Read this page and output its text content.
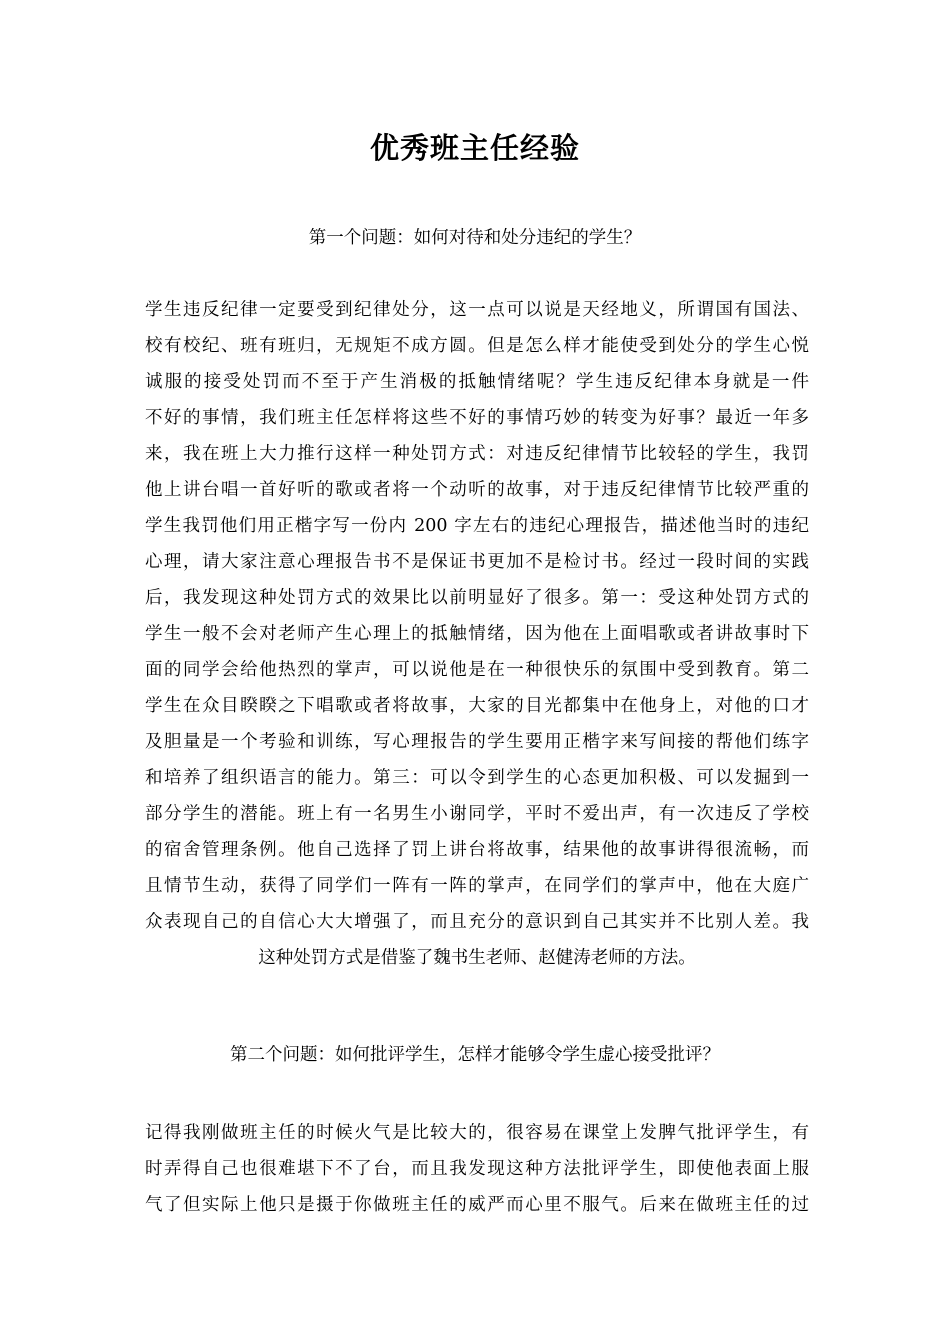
优秀班主任经验
第一个问题：如何对待和处分违纪的学生？
学生违反纪律一定要受到纪律处分，这一点可以说是天经地义，所谓国有国法、
校有校纪、班有班归，无规矩不成方圆。但是怎么样才能使受到处分的学生心悦
诚服的接受处罚而不至于产生消极的抵触情绪呢？学生违反纪律本身就是一件
不好的事情，我们班主任怎样将这些不好的事情巧妙的转变为好事？最近一年多
来，我在班上大力推行这样一种处罚方式：对违反纪律情节比较轻的学生，我罚
他上讲台唱一首好听的歌或者将一个动听的故事，对于违反纪律情节比较严重的
学生我罚他们用正楷字写一份内 200 字左右的违纪心理报告，描述他当时的违纪
心理，请大家注意心理报告书不是保证书更加不是检讨书。经过一段时间的实践
后，我发现这种处罚方式的效果比以前明显好了很多。第一：受这种处罚方式的
学生一般不会对老师产生心理上的抵触情绪，因为他在上面唱歌或者讲故事时下
面的同学会给他热烈的掌声，可以说他是在一种很快乐的氛围中受到教育。第二
学生在众目睽睽之下唱歌或者将故事，大家的目光都集中在他身上，对他的口才
及胆量是一个考验和训练，写心理报告的学生要用正楷字来写间接的帮他们练字
和培养了组织语言的能力。第三：可以令到学生的心态更加积极、可以发掘到一
部分学生的潜能。班上有一名男生小谢同学，平时不爱出声，有一次违反了学校
的宿舍管理条例。他自己选择了罚上讲台将故事，结果他的故事讲得很流畅，而
且情节生动，获得了同学们一阵有一阵的掌声，在同学们的掌声中，他在大庭广
众表现自己的自信心大大增强了，而且充分的意识到自己其实并不比别人差。我
这种处罚方式是借鉴了魏书生老师、赵健涛老师的方法。
第二个问题：如何批评学生，怎样才能够令学生虚心接受批评？
记得我刚做班主任的时候火气是比较大的，很容易在课堂上发脾气批评学生，有
时弄得自己也很难堪下不了台，而且我发现这种方法批评学生，即使他表面上服
气了但实际上他只是摄于你做班主任的威严而心里不服气。后来在做班主任的过
